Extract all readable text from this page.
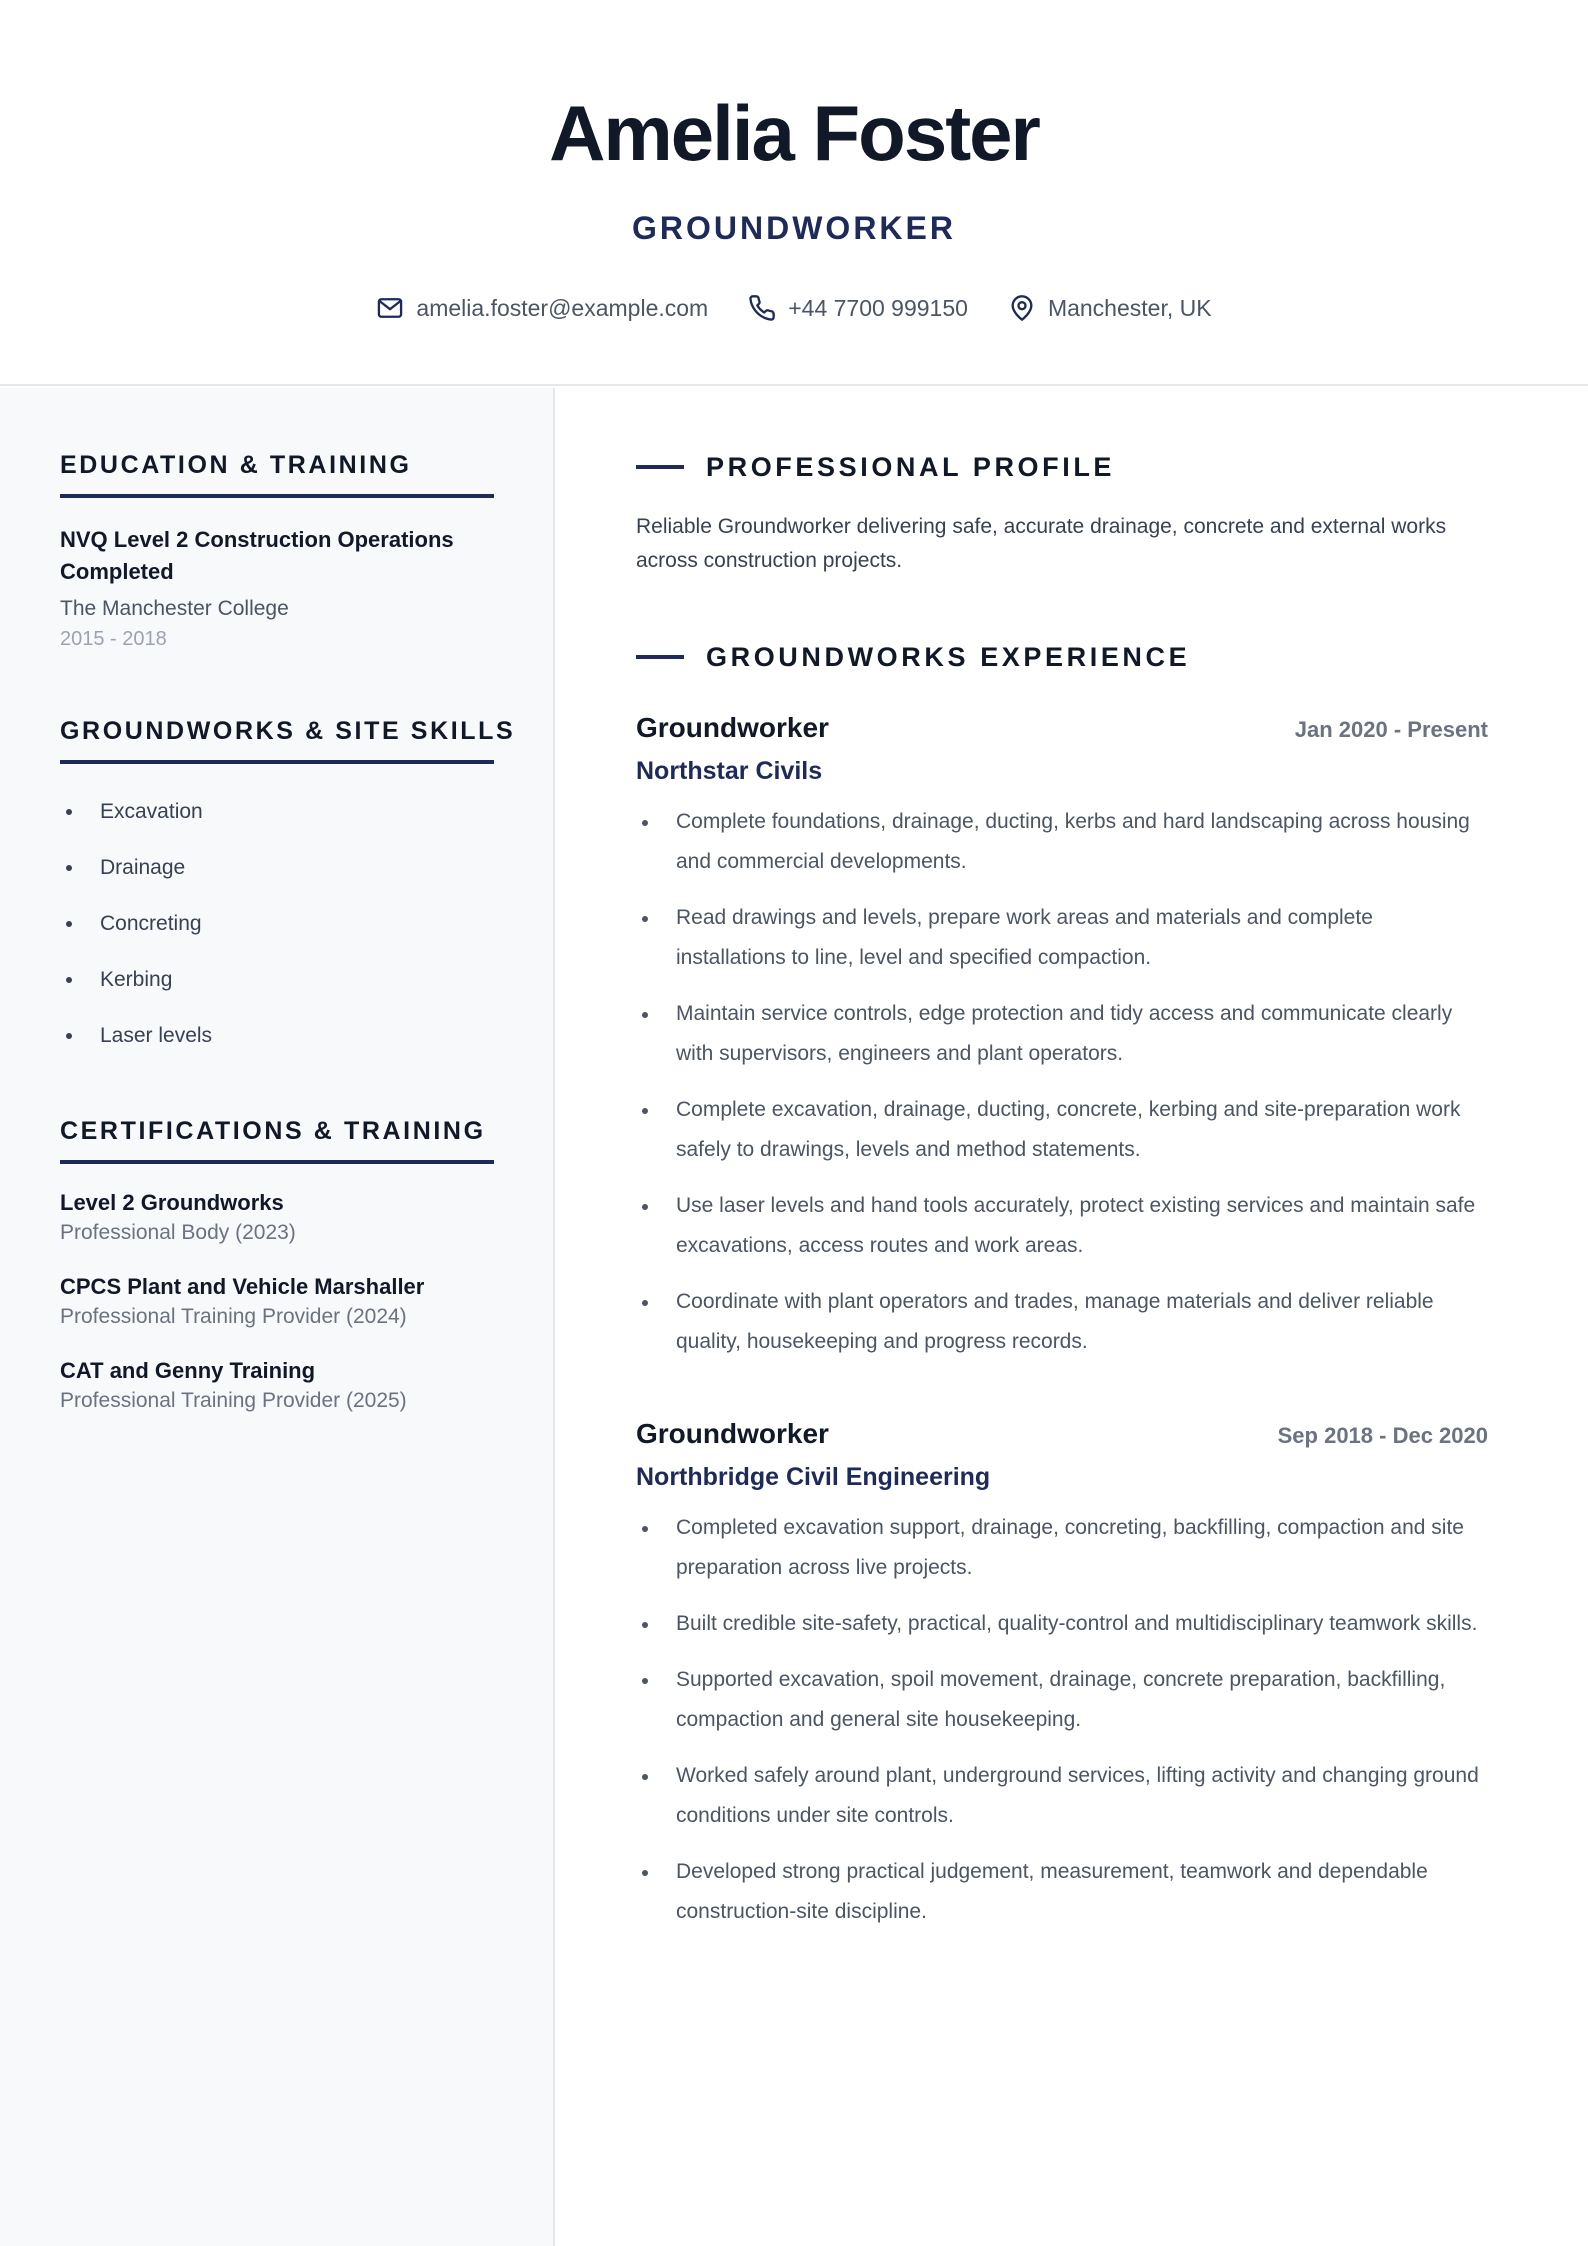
Amelia Foster
GROUNDWORKER
amelia.foster@example.com	+44 7700 999150	Manchester, UK
EDUCATION & TRAINING
NVQ Level 2 Construction Operations Completed
The Manchester College
2015 - 2018
GROUNDWORKS & SITE SKILLS
Excavation
Drainage
Concreting
Kerbing
Laser levels
CERTIFICATIONS & TRAINING
Level 2 Groundworks
Professional Body (2023)
CPCS Plant and Vehicle Marshaller
Professional Training Provider (2024)
CAT and Genny Training
Professional Training Provider (2025)
PROFESSIONAL PROFILE
Reliable Groundworker delivering safe, accurate drainage, concrete and external works across construction projects.
GROUNDWORKS EXPERIENCE
Groundworker	Jan 2020 - Present
Northstar Civils
Complete foundations, drainage, ducting, kerbs and hard landscaping across housing and commercial developments.
Read drawings and levels, prepare work areas and materials and complete installations to line, level and specified compaction.
Maintain service controls, edge protection and tidy access and communicate clearly with supervisors, engineers and plant operators.
Complete excavation, drainage, ducting, concrete, kerbing and site-preparation work safely to drawings, levels and method statements.
Use laser levels and hand tools accurately, protect existing services and maintain safe excavations, access routes and work areas.
Coordinate with plant operators and trades, manage materials and deliver reliable quality, housekeeping and progress records.
Groundworker	Sep 2018 - Dec 2020
Northbridge Civil Engineering
Completed excavation support, drainage, concreting, backfilling, compaction and site preparation across live projects.
Built credible site-safety, practical, quality-control and multidisciplinary teamwork skills.
Supported excavation, spoil movement, drainage, concrete preparation, backfilling, compaction and general site housekeeping.
Worked safely around plant, underground services, lifting activity and changing ground conditions under site controls.
Developed strong practical judgement, measurement, teamwork and dependable construction-site discipline.
